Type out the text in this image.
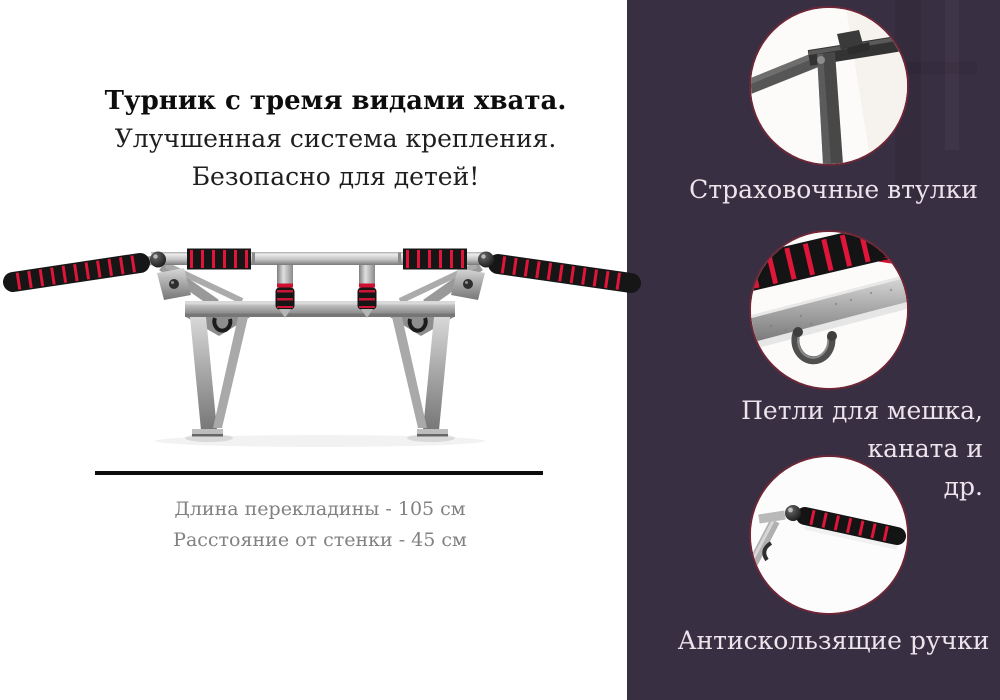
Турник с тремя видами хвата.

Улучшенная система крепления.

Безопасно для детей!

Длина перекладины - 105 см

Расстояние от стенки - 45 см

Страховочные втулки
Петли для мешка, каната и
др.
Антискользящие ручки
